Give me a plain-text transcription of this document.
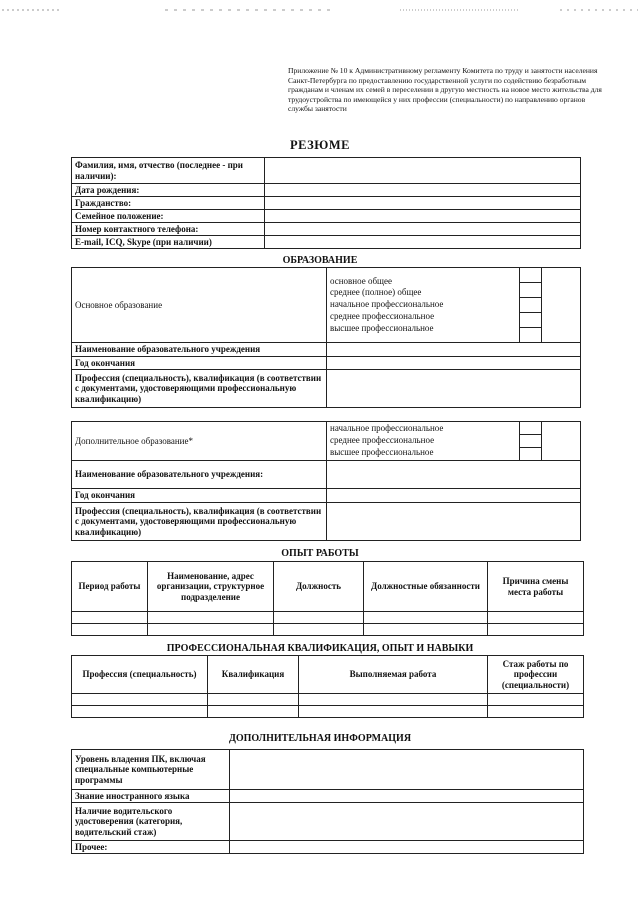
Приложение № 10 к Административному регламенту Комитета по труду и занятости населения Санкт-Петербурга по предоставлению государственной услуги по содействию безработным гражданам и членам их семей в переселении в другую местность на новое место жительства для трудоустройства по имеющейся у них профессии (специальности) по направлению органов службы занятости
РЕЗЮМЕ
Фамилия, имя, отчество (последнее - при наличии):	
Дата рождения:	
Гражданство:	
Семейное положение:	
Номер контактного телефона:	
E-mail, ICQ, Skype (при наличии)	
ОБРАЗОВАНИЕ
Основное образование	основное общее
среднее (полное) общее
начальное профессиональное
среднее профессиональное
высшее профессиональное		

Наименование образовательного учреждения			
Год окончания			
Профессия (специальность), квалификация (в соответствии с документами, удостоверяющими профессиональную квалификацию)			
Дополнительное образование*	начальное профессиональное
среднее профессиональное
высшее профессиональное		

Наименование образовательного учреждения:			
Год окончания			
Профессия (специальность), квалификация (в соответствии с документами, удостоверяющими профессиональную квалификацию)			
ОПЫТ РАБОТЫ
Период работы	Наименование, адрес организации, структурное подразделение	Должность	Должностные обязанности	Причина смены места работы

ПРОФЕССИОНАЛЬНАЯ КВАЛИФИКАЦИЯ, ОПЫТ И НАВЫКИ
Профессия (специальность)	Квалификация	Выполняемая работа	Стаж работы по профессии (специальности)

ДОПОЛНИТЕЛЬНАЯ ИНФОРМАЦИЯ
Уровень владения ПК, включая специальные компьютерные программы	
Знание иностранного языка	
Наличие водительского удостоверения (категория, водительский стаж)	
Прочее:	
